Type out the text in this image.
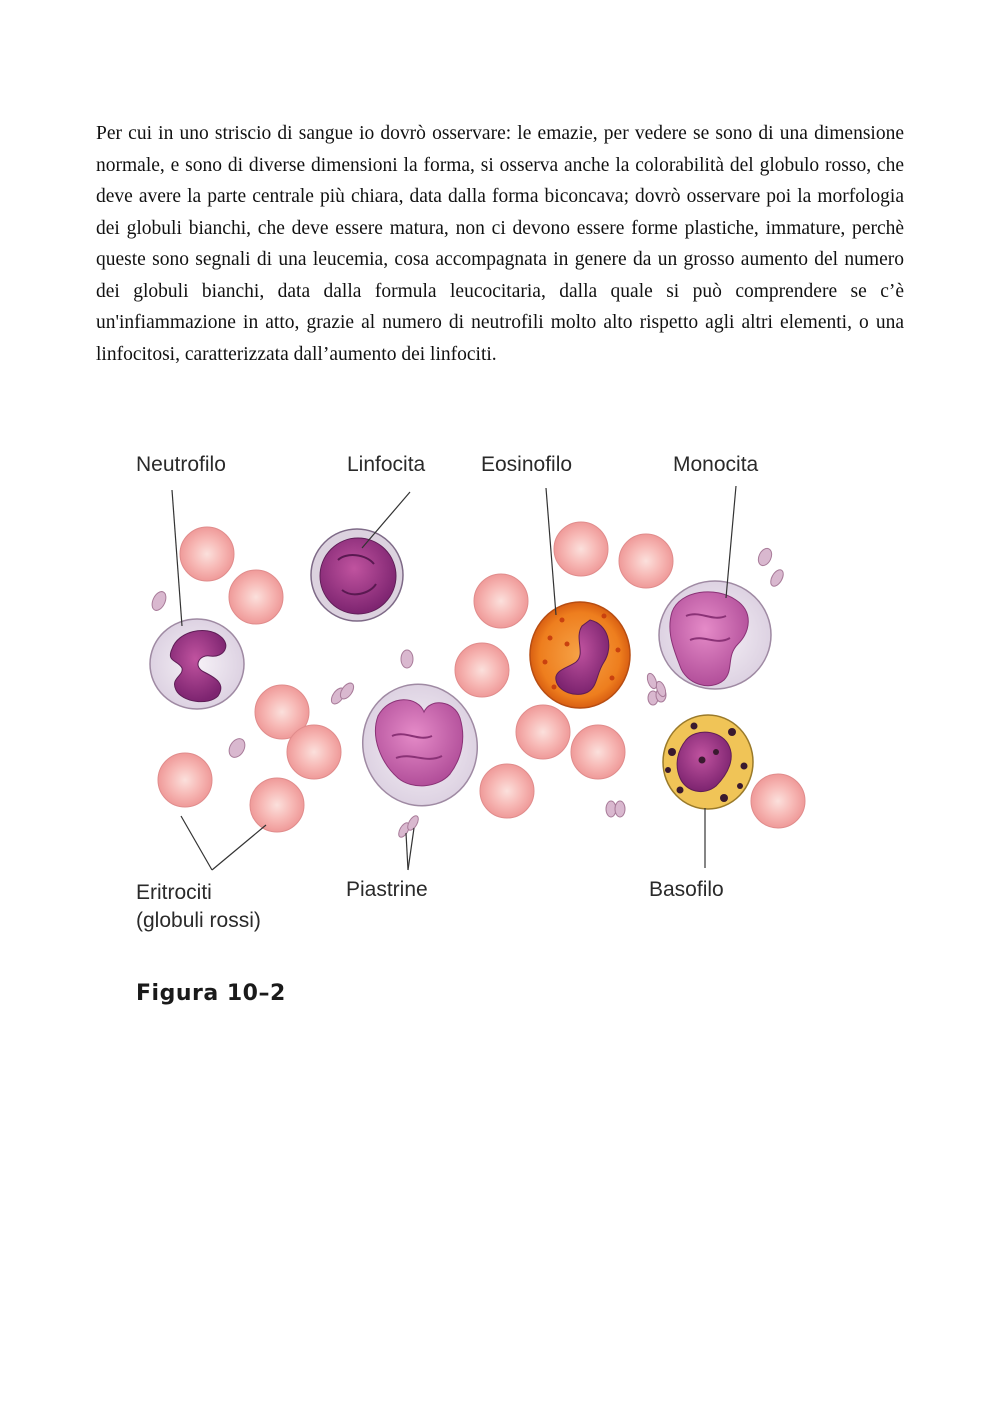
Per cui in uno striscio di sangue io dovrò osservare: le emazie, per vedere se sono di una dimensione normale, e sono di diverse dimensioni la forma, si osserva anche la colorabilità del globulo rosso, che deve avere la parte centrale più chiara, data dalla forma biconcava; dovrò osservare poi la morfologia dei globuli bianchi, che deve essere matura, non ci devono essere forme plastiche, immature, perchè queste sono segnali di una leucemia, cosa accompagnata in genere da un grosso aumento del numero dei globuli bianchi, data dalla formula leucocitaria, dalla quale si può comprendere se c’è un'infiammazione in atto, grazie al numero di neutrofili molto alto rispetto agli altri elementi, o una linfocitosi, caratterizzata dall’aumento dei linfociti.

Neutrofilo	Linfocita	Eosinofilo	Monocita
Eritrociti
(globuli rossi)
Piastrine	Basofilo
Figura 10–2
